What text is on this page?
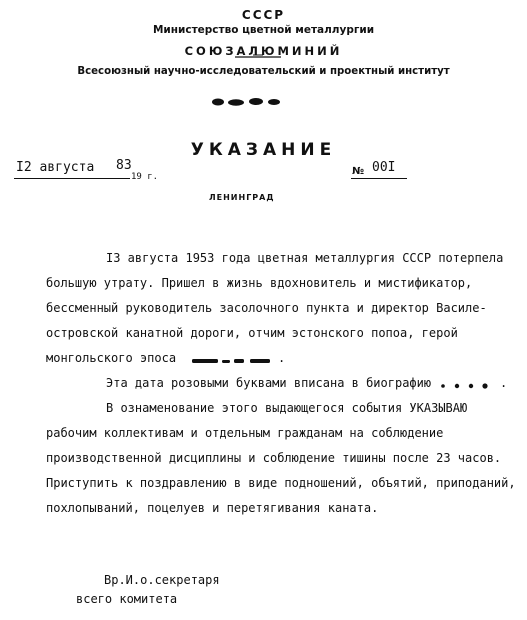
СССР
Министерство цветной металлургии
СОЮЗАЛЮМИНИЙ
Всесоюзный научно-исследовательский и проектный институт
УКАЗАНИЕ
I2 августа 83
19 г.	№ 00I
ЛЕНИНГРАД
I3 августа 1953 года цветная металлургия СССР потерпела
большую утрату. Пришел в жизнь вдохновитель и мистификатор,
бессменный руководитель засолочного пункта и директор Василе-
островской канатной дороги, отчим эстонского попоа, герой
монгольского эпоса	.
Эта дата розовыми буквами вписана в биографию	.
В ознаменование этого выдающегося события УКАЗЫВАЮ
рабочим коллективам и отдельным гражданам на соблюдение
производственной дисциплины и соблюдение тишины после 23 часов.
Приступить к поздравлению в виде подношений, объятий, приподаний,
похлопываний, поцелуев и перетягивания каната.
Вр.И.о.секретаря
всего комитета
